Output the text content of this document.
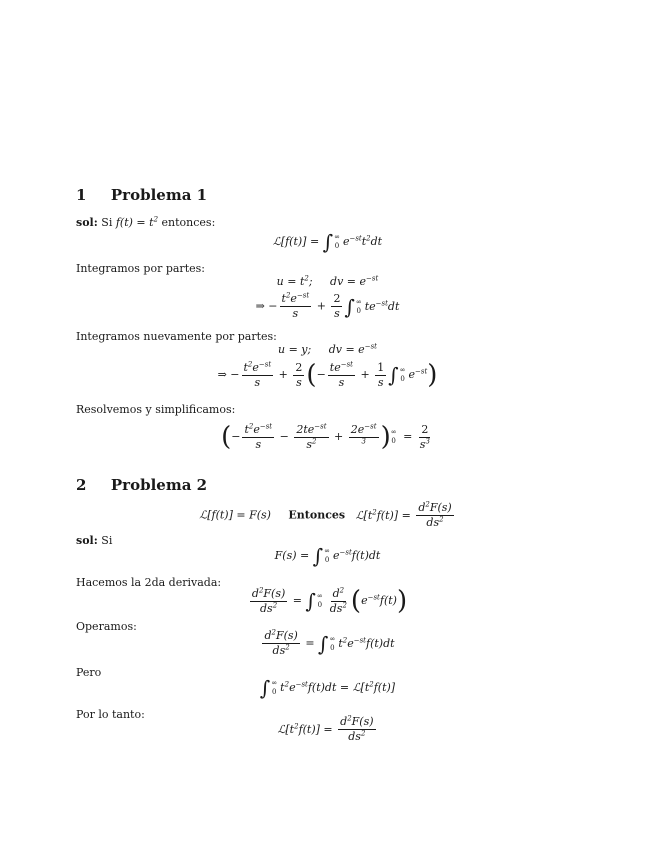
1 Problema 1
sol: Si $f(t) = t^2$ entonces:
ℒ[f(t)] = ∫ ∞
0 $e^{-st}t^2dt$
Integramos por partes:
$u = t^2$;     dv = $e^{-st}$
⇒ − $\frac{t^2e^{-st}}{s} + \frac{2}{s}$ ∫ ∞
0 $te^{-st}dt$
Integramos nuevamente por partes:
u = y;     dv = $e^{-st}$
⇒ − $\frac{t^2e^{-st}}{s} + \frac{2}{s}$ (− $\frac{te^{-st}}{s} + \frac{1}{s}$ ∫ ∞
0 $e^{-st}$)
Resolvemos y simplificamos:
(− $\frac{t^2e^{-st}}{s} - \frac{2te^{-st}}{s^2} + \frac{2e^{-st}}{^3}$ ) ∞
$0 = \frac{2}{s^3}$
2 Problema 2
ℒ[f(t)] = F(s) Entonces $ℒ[t^2f(t)] = \frac{d^2F(s)}{ds^2}$
sol: Si
F(s) = ∫ ∞
0 $e^{-st}f(t)dt$
Hacemos la 2da derivada:
$\frac{d^2F(s)}{ds^2}$ = ∫ ∞
$0 \frac{d^2}{ds^2} (e^{-st}f(t))$
Operamos:
$\frac{d^2F(s)}{ds^2}$ = ∫ ∞
0 $t^2e^{-st}f(t)dt$
Pero
∫ ∞
0 $t^2e^{-st}f(t)dt$ = $ℒ[t^2f(t)]$
Por lo tanto:
$ℒ[t^2f(t)] = \frac{d^2F(s)}{ds^2}$
